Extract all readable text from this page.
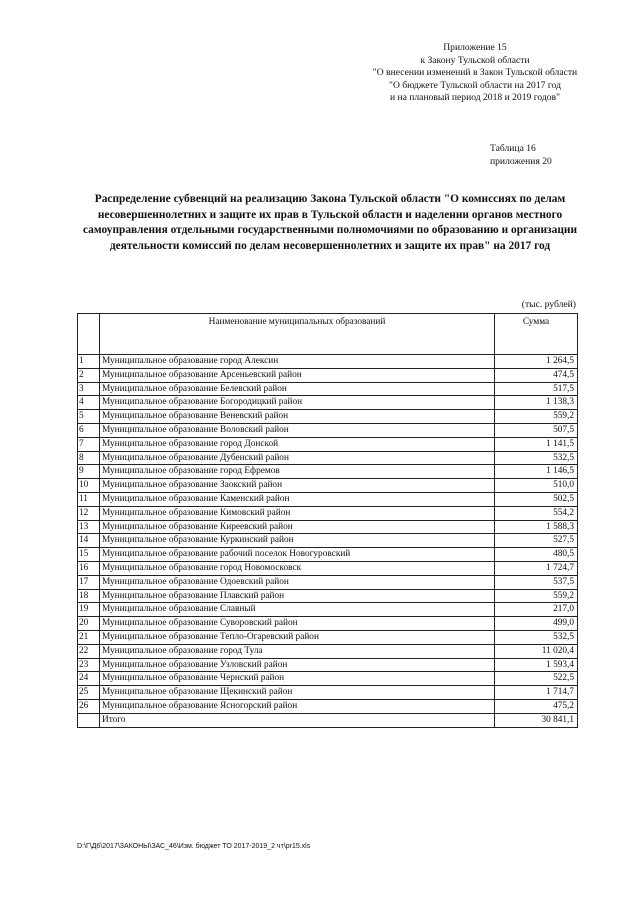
Приложение 15
к Закону Тульской области
"О внесении изменений в Закон Тульской области
"О бюджете Тульской области на 2017 год
и на плановый период 2018 и 2019 годов"
Таблица 16
приложения 20
Распределение субвенций на реализацию Закона Тульской области "О комиссиях по делам несовершеннолетних и защите их прав в Тульской области и наделении органов местного самоуправления отдельными государственными полномочиями по образованию и организации деятельности комиссий по делам несовершеннолетних и защите их прав" на 2017 год
(тыс. рублей)
	Наименование муниципальных образований	Сумма
1	Муниципальное образование город Алексин	1 264,5
2	Муниципальное образование Арсеньевский район	474,5
3	Муниципальное образование Белевский район	517,5
4	Муниципальное образование Богородицкий район	1 138,3
5	Муниципальное образование Веневский район	559,2
6	Муниципальное образование Воловский район	507,5
7	Муниципальное образование город Донской	1 141,5
8	Муниципальное образование Дубенский район	532,5
9	Муниципальное образование город Ефремов	1 146,5
10	Муниципальное образование Заокский район	510,0
11	Муниципальное образование Каменский район	502,5
12	Муниципальное образование Кимовский район	554,2
13	Муниципальное образование Киреевский район	1 588,3
14	Муниципальное образование Куркинский район	527,5
15	Муниципальное образование рабочий поселок Новогуровский	480,5
16	Муниципальное образование город Новомосковск	1 724,7
17	Муниципальное образование Одоевский район	537,5
18	Муниципальное образование Плавский район	559,2
19	Муниципальное образование Славный	217,0
20	Муниципальное образование Суворовский район	499,0
21	Муниципальное образование Тепло-Огаревский район	532,5
22	Муниципальное образование город Тула	11 020,4
23	Муниципальное образование Узловский район	1 593,4
24	Муниципальное образование Чернский район	522,5
25	Муниципальное образование Щекинский район	1 714,7
26	Муниципальное образование Ясногорский район	475,2
	Итого	30 841,1
D:\Г\Д6\2017\ЗАКОНЫ\ЗАС_46\Изм. бюджет ТО 2017-2019_2 чт\pr15.xls
